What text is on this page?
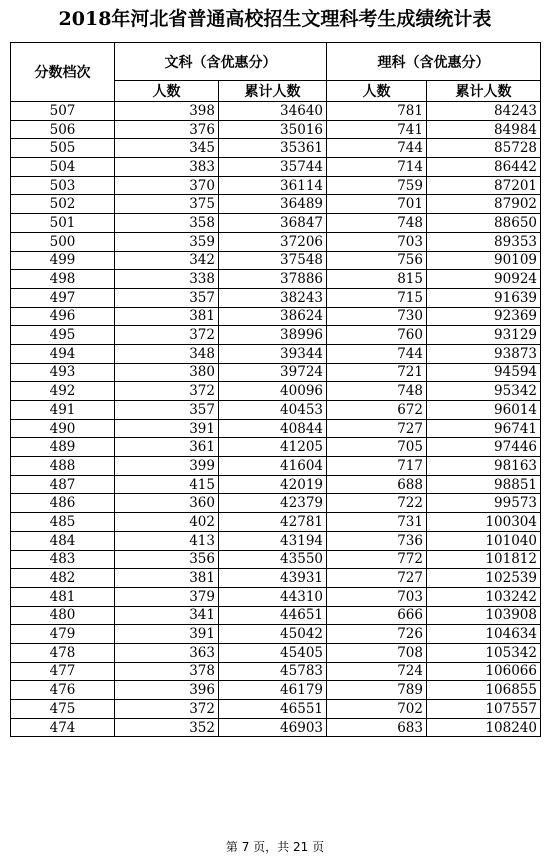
2018年河北省普通高校招生文理科考生成绩统计表
分数档次	文科（含优惠分）		理科（含优惠分）	
	人数	累计人数	人数	累计人数
507	398	34640	781	84243
506	376	35016	741	84984
505	345	35361	744	85728
504	383	35744	714	86442
503	370	36114	759	87201
502	375	36489	701	87902
501	358	36847	748	88650
500	359	37206	703	89353
499	342	37548	756	90109
498	338	37886	815	90924
497	357	38243	715	91639
496	381	38624	730	92369
495	372	38996	760	93129
494	348	39344	744	93873
493	380	39724	721	94594
492	372	40096	748	95342
491	357	40453	672	96014
490	391	40844	727	96741
489	361	41205	705	97446
488	399	41604	717	98163
487	415	42019	688	98851
486	360	42379	722	99573
485	402	42781	731	100304
484	413	43194	736	101040
483	356	43550	772	101812
482	381	43931	727	102539
481	379	44310	703	103242
480	341	44651	666	103908
479	391	45042	726	104634
478	363	45405	708	105342
477	378	45783	724	106066
476	396	46179	789	106855
475	372	46551	702	107557
474	352	46903	683	108240
第 7 页，共 21 页
